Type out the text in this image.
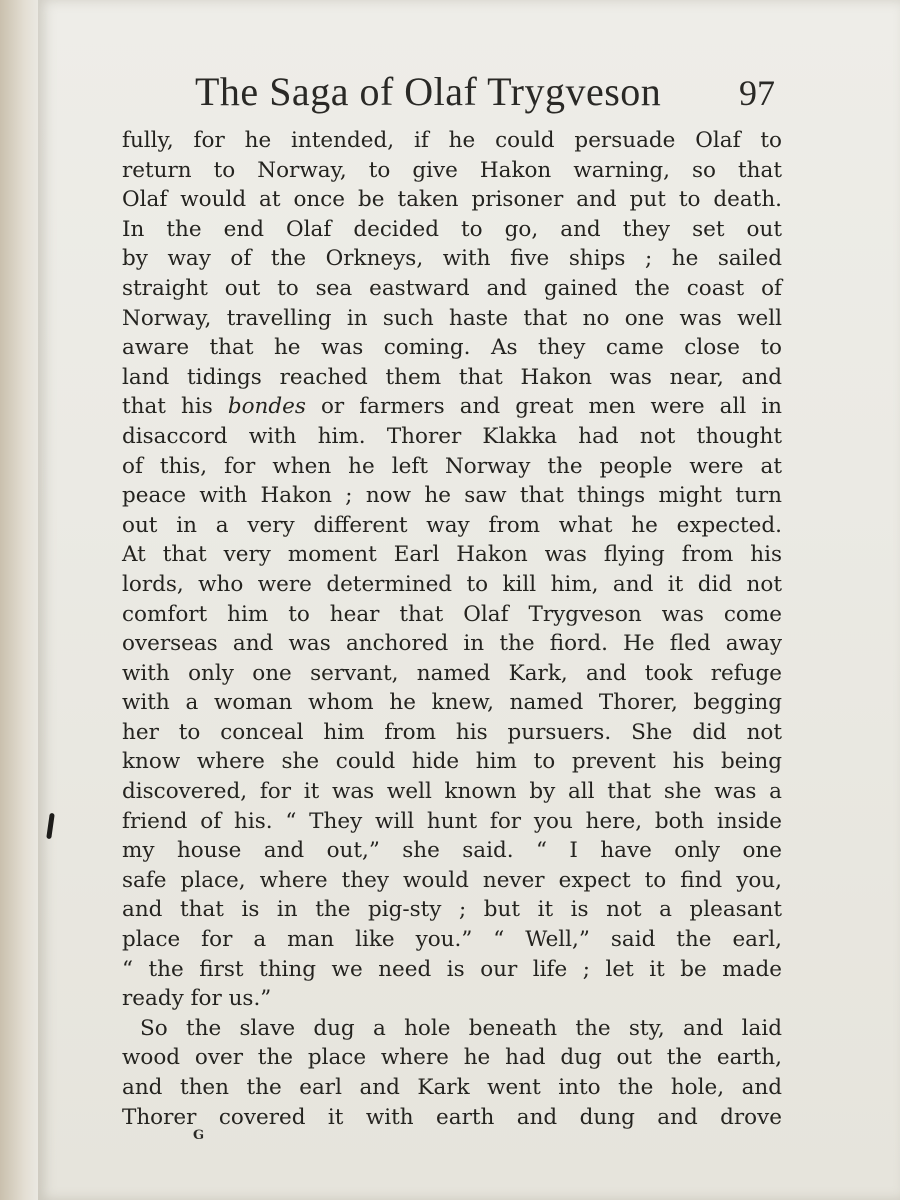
The Saga of Olaf Trygveson 97
fully, for he intended, if he could persuade Olaf to
return to Norway, to give Hakon warning, so that
Olaf would at once be taken prisoner and put to death.
In the end Olaf decided to go, and they set out
by way of the Orkneys, with five ships ; he sailed
straight out to sea eastward and gained the coast of
Norway, travelling in such haste that no one was well
aware that he was coming. As they came close to
land tidings reached them that Hakon was near, and
that his bondes or farmers and great men were all in
disaccord with him. Thorer Klakka had not thought
of this, for when he left Norway the people were at
peace with Hakon ; now he saw that things might turn
out in a very different way from what he expected.
At that very moment Earl Hakon was flying from his
lords, who were determined to kill him, and it did not
comfort him to hear that Olaf Trygveson was come
overseas and was anchored in the fiord. He fled away
with only one servant, named Kark, and took refuge
with a woman whom he knew, named Thorer, begging
her to conceal him from his pursuers. She did not
know where she could hide him to prevent his being
discovered, for it was well known by all that she was a
friend of his. “ They will hunt for you here, both inside
my house and out,” she said. “ I have only one
safe place, where they would never expect to find you,
and that is in the pig-sty ; but it is not a pleasant
place for a man like you.” “ Well,” said the earl,
“ the first thing we need is our life ; let it be made
ready for us.”
So the slave dug a hole beneath the sty, and laid
wood over the place where he had dug out the earth,
and then the earl and Kark went into the hole, and
Thorer covered it with earth and dung and drove
G
